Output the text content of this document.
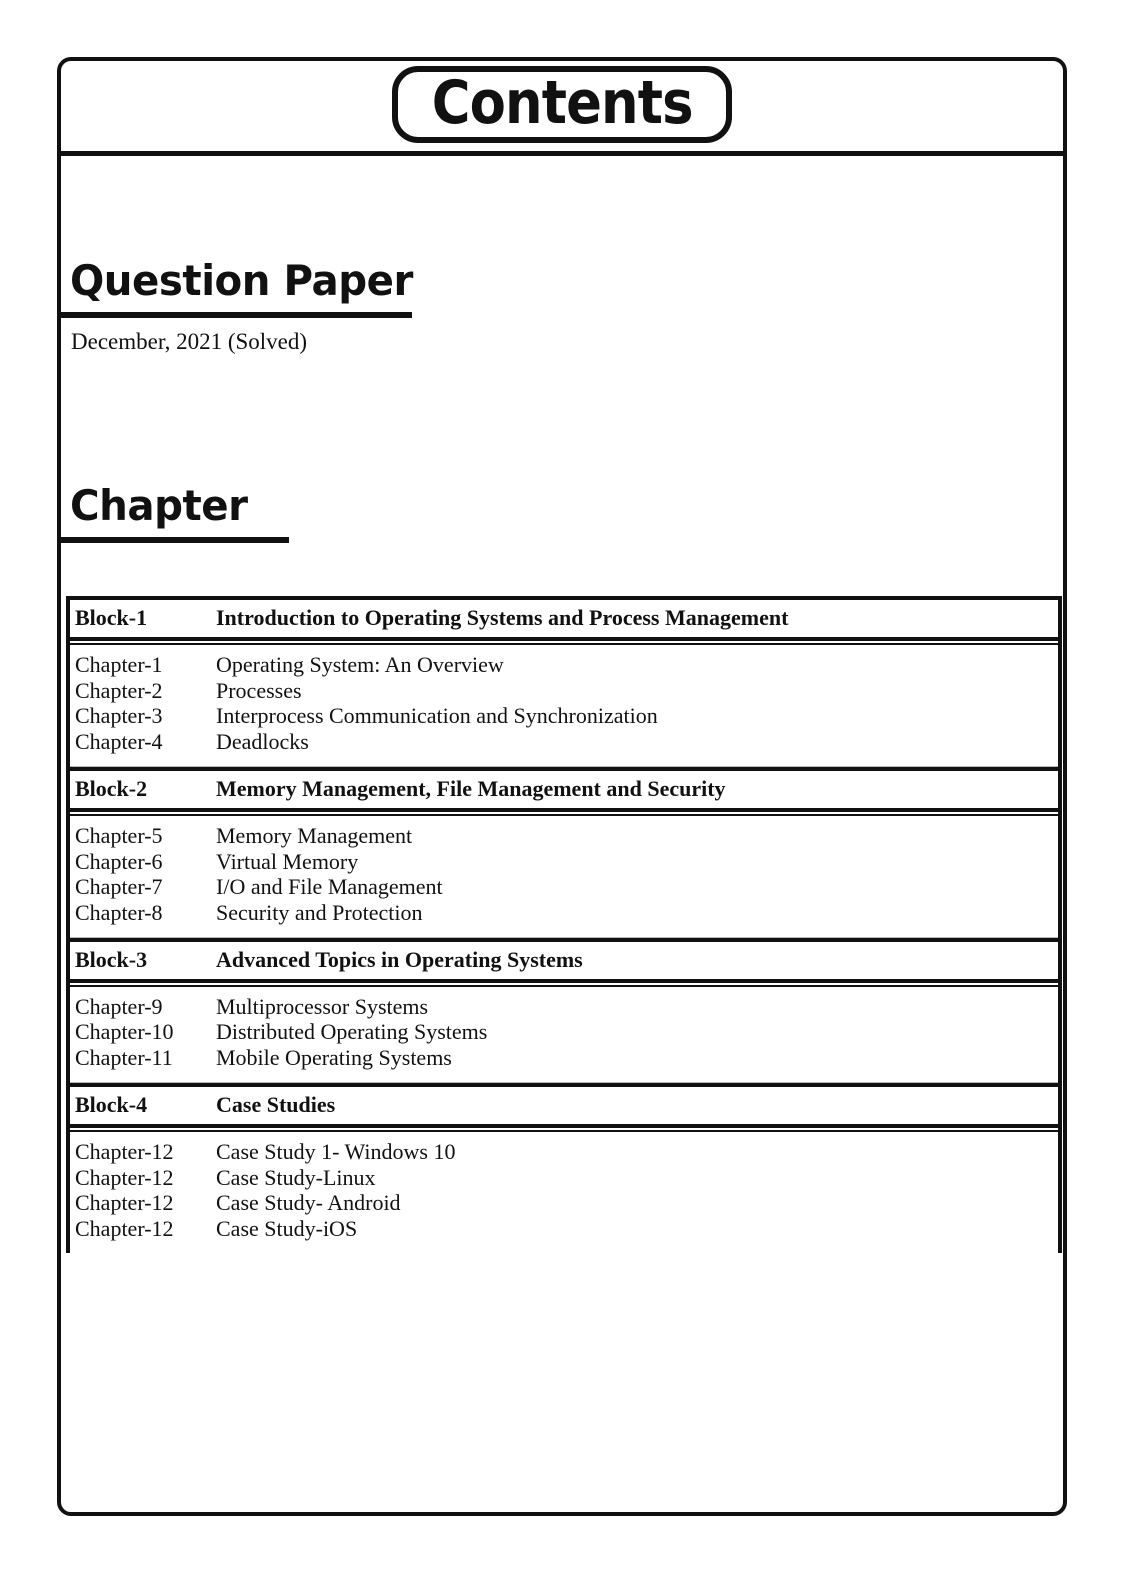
Contents
Question Paper
December, 2021 (Solved)
Chapter
Block-1	Introduction to Operating Systems and Process Management
Chapter-1	Operating System: An Overview
Chapter-2	Processes
Chapter-3	Interprocess Communication and Synchronization
Chapter-4	Deadlocks
Block-2	Memory Management, File Management and Security
Chapter-5	Memory Management
Chapter-6	Virtual Memory
Chapter-7	I/O and File Management
Chapter-8	Security and Protection
Block-3	Advanced Topics in Operating Systems
Chapter-9	Multiprocessor Systems
Chapter-10	Distributed Operating Systems
Chapter-11	Mobile Operating Systems
Block-4	Case Studies
Chapter-12	Case Study 1- Windows 10
Chapter-12	Case Study-Linux
Chapter-12	Case Study- Android
Chapter-12	Case Study-iOS
